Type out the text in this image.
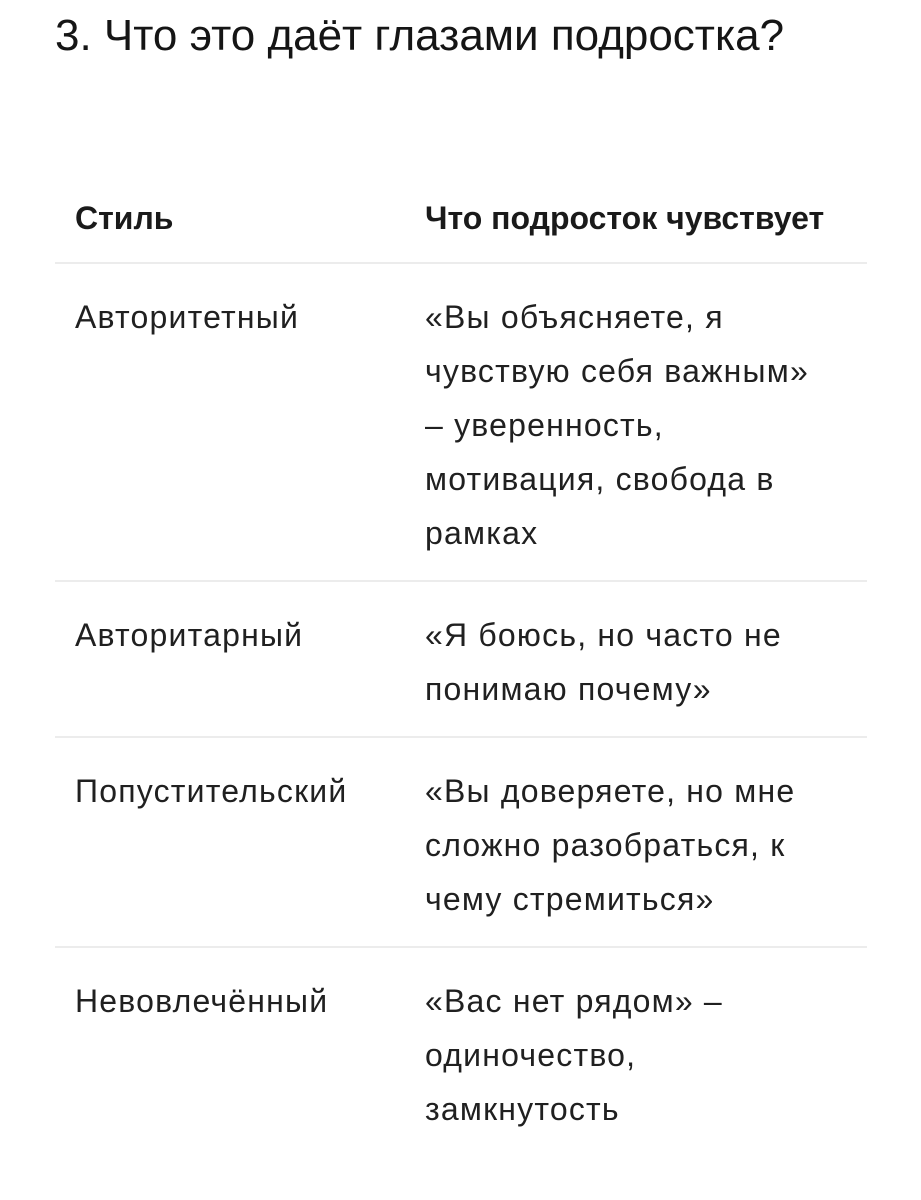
3. Что это даёт глазами подростка?
Стиль	Что подросток чувствует
Авторитетный	«Вы объясняете, я чувствую себя важным» – уверенность, мотивация, свобода в рамках
Авторитарный	«Я боюсь, но часто не понимаю почему»
Попустительский	«Вы доверяете, но мне сложно разобраться, к чему стремиться»
Невовлечённый	«Вас нет рядом» – одиночество, замкнутость
